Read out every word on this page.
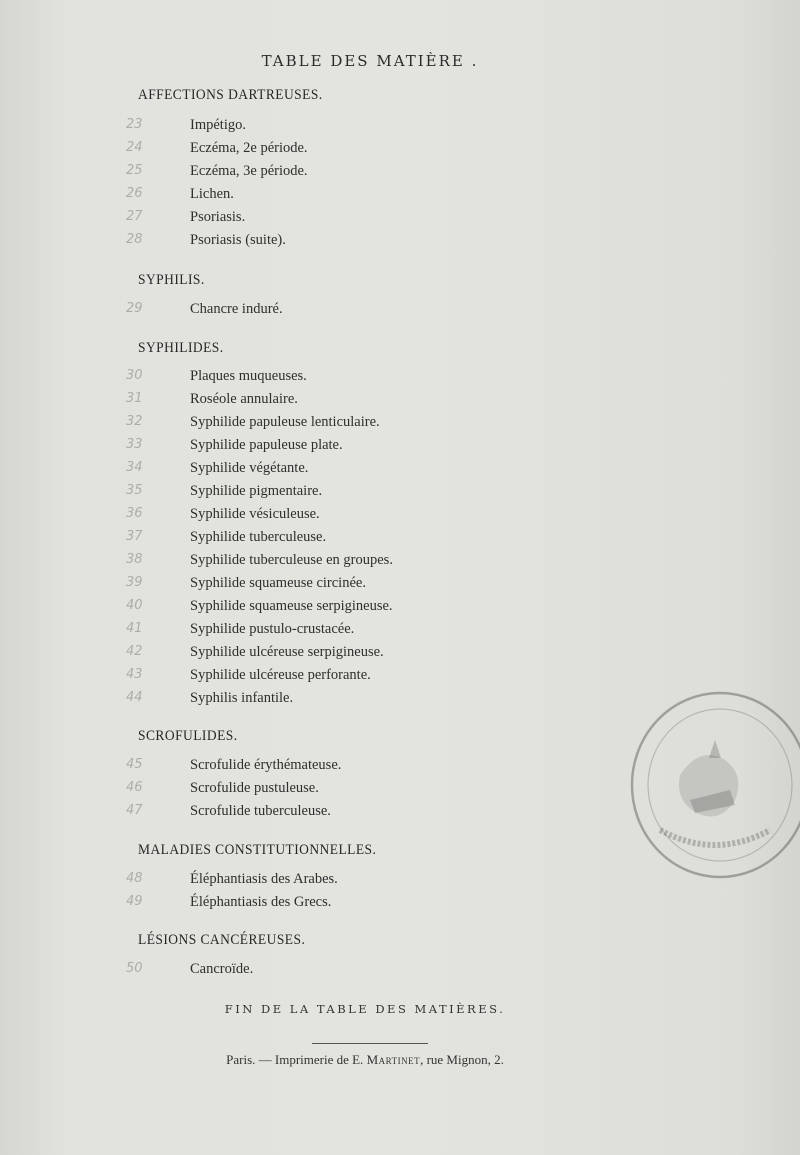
TABLE DES MATIÈRE .
AFFECTIONS DARTREUSES.
23	Impétigo.
24	Eczéma, 2e période.
25	Eczéma, 3e période.
26	Lichen.
27	Psoriasis.
28	Psoriasis (suite).
SYPHILIS.
29	Chancre induré.
SYPHILIDES.
30	Plaques muqueuses.
31	Roséole annulaire.
32	Syphilide papuleuse lenticulaire.
33	Syphilide papuleuse plate.
34	Syphilide végétante.
35	Syphilide pigmentaire.
36	Syphilide vésiculeuse.
37	Syphilide tuberculeuse.
38	Syphilide tuberculeuse en groupes.
39	Syphilide squameuse circinée.
40	Syphilide squameuse serpigineuse.
41	Syphilide pustulo-crustacée.
42	Syphilide ulcéreuse serpigineuse.
43	Syphilide ulcéreuse perforante.
44	Syphilis infantile.
SCROFULIDES.
45	Scrofulide érythémateuse.
46	Scrofulide pustuleuse.
47	Scrofulide tuberculeuse.
MALADIES CONSTITUTIONNELLES.
48	Éléphantiasis des Arabes.
49	Éléphantiasis des Grecs.
LÉSIONS CANCÉREUSES.
50	Cancroïde.
FIN DE LA TABLE DES MATIÈRES.
Paris. — Imprimerie de E. Martinet, rue Mignon, 2.
